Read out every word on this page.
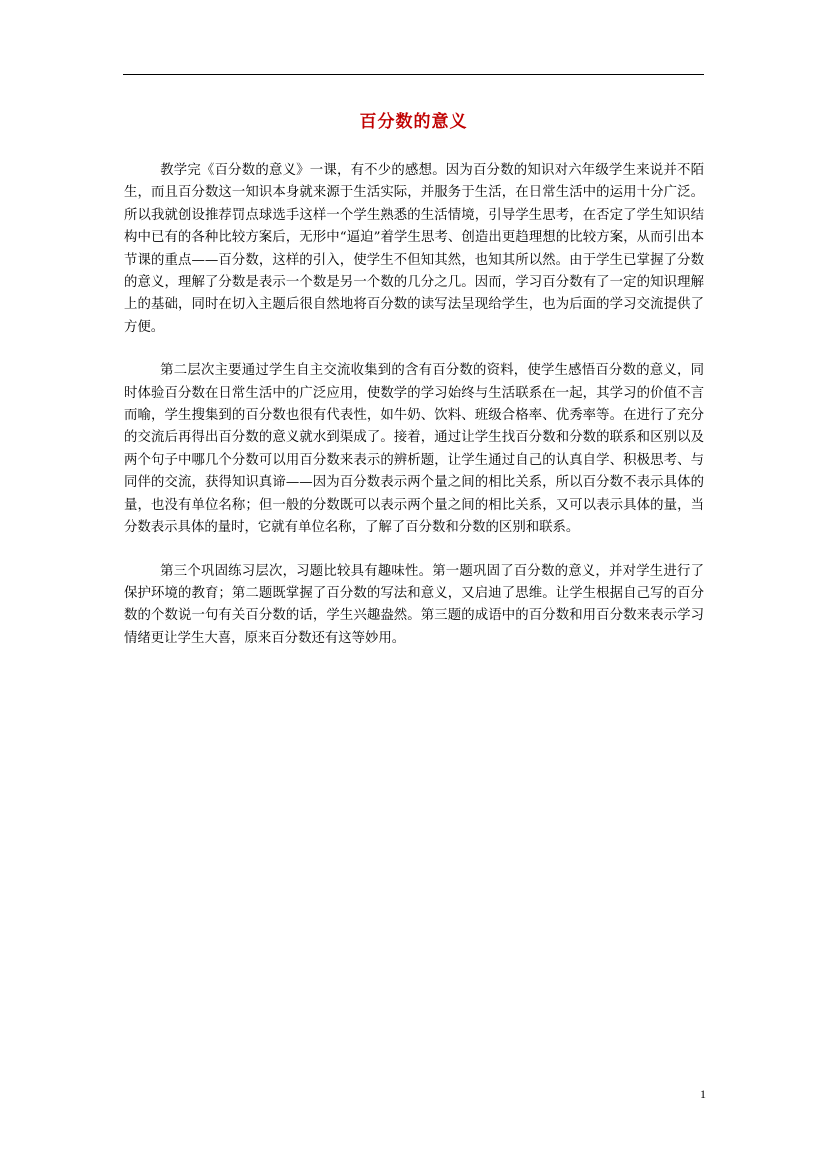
百分数的意义

教学完《百分数的意义》一课，有不少的感想。因为百分数的知识对六年级学生来说并不陌生，而且百分数这一知识本身就来源于生活实际，并服务于生活，在日常生活中的运用十分广泛。所以我就创设推荐罚点球选手这样一个学生熟悉的生活情境，引导学生思考，在否定了学生知识结构中已有的各种比较方案后，无形中“逼迫”着学生思考、创造出更趋理想的比较方案，从而引出本节课的重点——百分数，这样的引入，使学生不但知其然，也知其所以然。由于学生已掌握了分数的意义，理解了分数是表示一个数是另一个数的几分之几。因而，学习百分数有了一定的知识理解上的基础，同时在切入主题后很自然地将百分数的读写法呈现给学生，也为后面的学习交流提供了方便。

第二层次主要通过学生自主交流收集到的含有百分数的资料，使学生感悟百分数的意义，同时体验百分数在日常生活中的广泛应用，使数学的学习始终与生活联系在一起，其学习的价值不言而喻，学生搜集到的百分数也很有代表性，如牛奶、饮料、班级合格率、优秀率等。在进行了充分的交流后再得出百分数的意义就水到渠成了。接着，通过让学生找百分数和分数的联系和区别以及两个句子中哪几个分数可以用百分数来表示的辨析题，让学生通过自己的认真自学、积极思考、与同伴的交流，获得知识真谛——因为百分数表示两个量之间的相比关系，所以百分数不表示具体的量，也没有单位名称；但一般的分数既可以表示两个量之间的相比关系，又可以表示具体的量，当分数表示具体的量时，它就有单位名称，了解了百分数和分数的区别和联系。

第三个巩固练习层次，习题比较具有趣味性。第一题巩固了百分数的意义，并对学生进行了保护环境的教育；第二题既掌握了百分数的写法和意义，又启迪了思维。让学生根据自己写的百分数的个数说一句有关百分数的话，学生兴趣盎然。第三题的成语中的百分数和用百分数来表示学习情绪更让学生大喜，原来百分数还有这等妙用。

1
